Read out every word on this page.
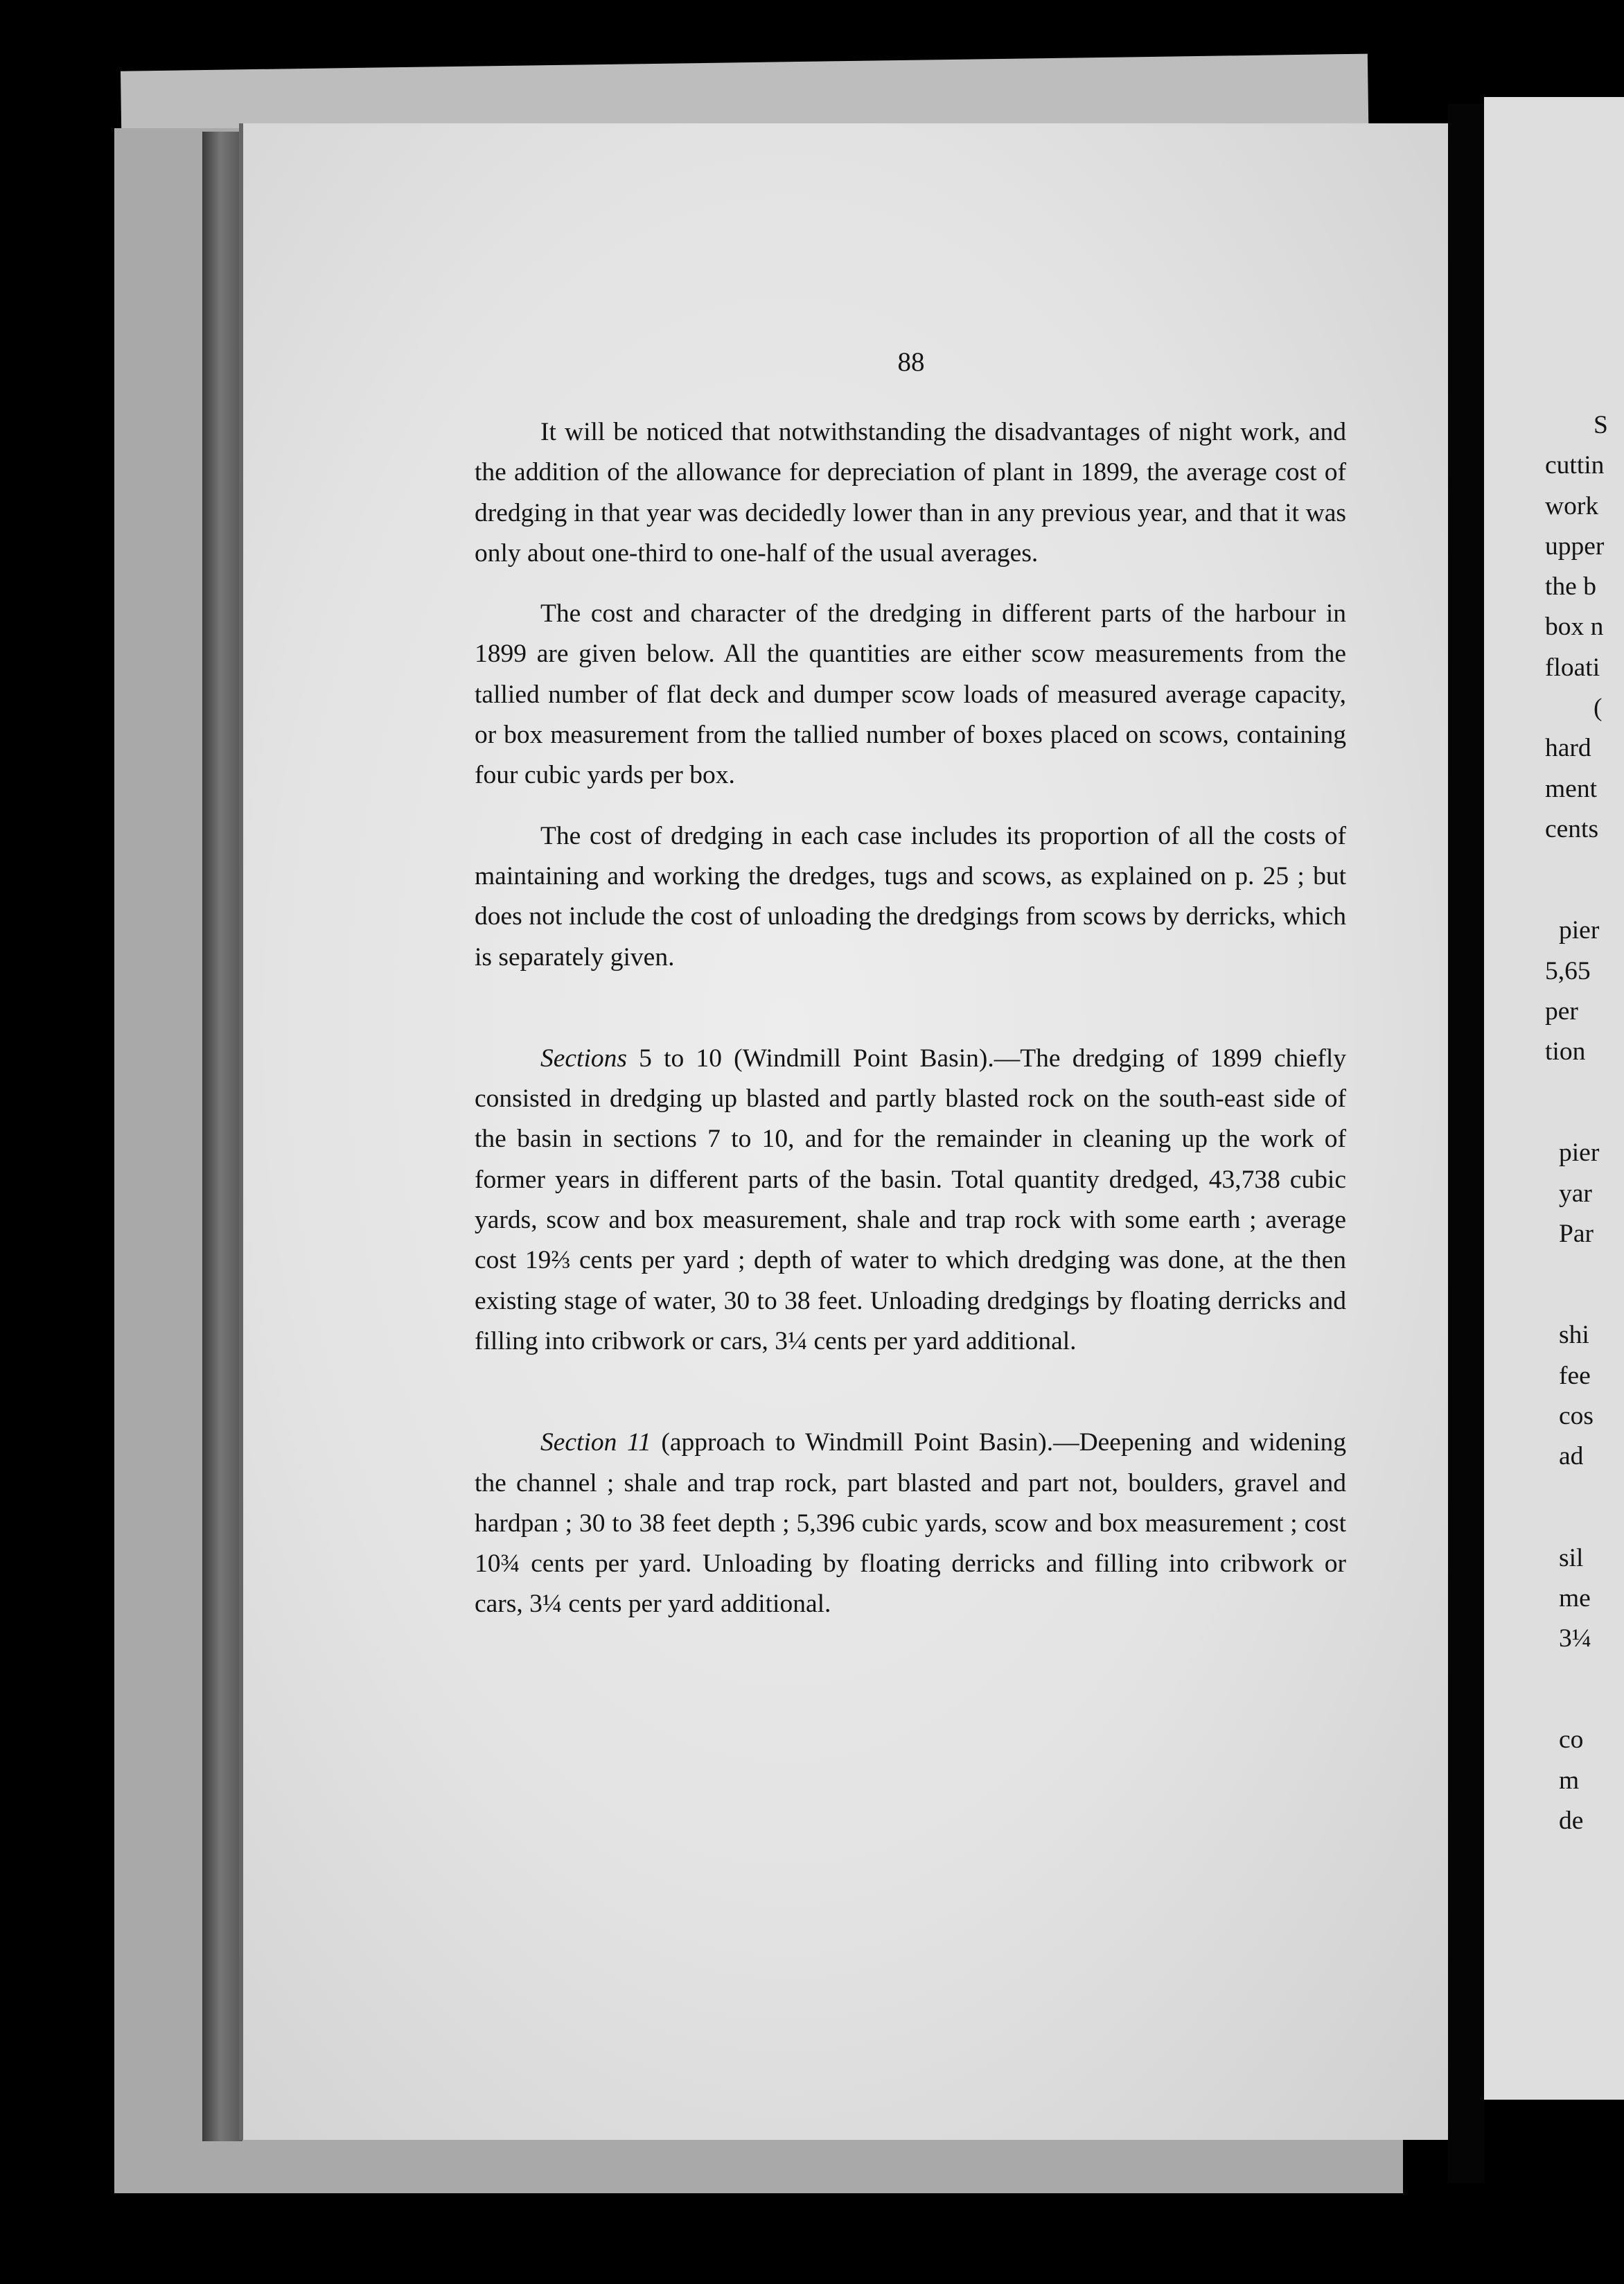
88

It will be noticed that notwithstanding the disadvantages of night work, and the addition of the allowance for depreciation of plant in 1899, the average cost of dredging in that year was decidedly lower than in any previous year, and that it was only about one-third to one-half of the usual averages.

The cost and character of the dredging in different parts of the harbour in 1899 are given below. All the quantities are either scow measurements from the tallied number of flat deck and dumper scow loads of measured average capacity, or box measurement from the tallied number of boxes placed on scows, containing four cubic yards per box.

The cost of dredging in each case includes its proportion of all the costs of maintaining and working the dredges, tugs and scows, as explained on p. 25 ; but does not include the cost of unloading the dredgings from scows by derricks, which is separately given.

Sections 5 to 10 (Windmill Point Basin).—The dredging of 1899 chiefly consisted in dredging up blasted and partly blasted rock on the south-east side of the basin in sections 7 to 10, and for the remainder in cleaning up the work of former years in different parts of the basin. Total quantity dredged, 43,738 cubic yards, scow and box measurement, shale and trap rock with some earth ; average cost 19⅔ cents per yard ; depth of water to which dredging was done, at the then existing stage of water, 30 to 38 feet. Unloading dredgings by floating derricks and filling into cribwork or cars, 3¼ cents per yard additional.

Section 11 (approach to Windmill Point Basin).—Deepening and widening the channel ; shale and trap rock, part blasted and part not, boulders, gravel and hardpan ; 30 to 38 feet depth ; 5,396 cubic yards, scow and box measurement ; cost 10¾ cents per yard. Unloading by floating derricks and filling into cribwork or cars, 3¼ cents per yard additional.

S
cuttin
work
upper
the b
box n
floati
(
hard
ment
cents
pier
5,65
per
tion
pier
yar
Par
shi
fee
cos
ad
sil
me
3¼
co
m
de
